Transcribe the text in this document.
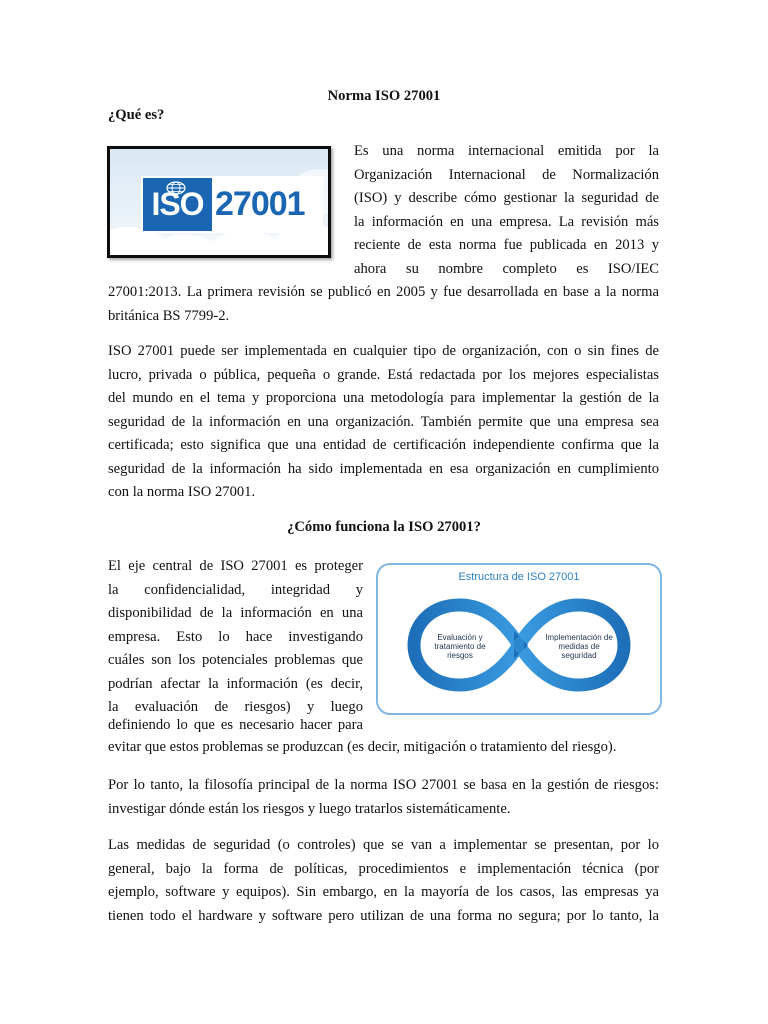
Norma ISO 27001

¿Qué es?

ISO 27001

Es una norma internacional emitida por la

Organización Internacional de Normalización

(ISO) y describe cómo gestionar la seguridad de

la información en una empresa. La revisión más

reciente de esta norma fue publicada en 2013 y

ahora su nombre completo es ISO/IEC

27001:2013. La primera revisión se publicó en 2005 y fue desarrollada en base a la norma

británica BS 7799-2.

ISO 27001 puede ser implementada en cualquier tipo de organización, con o sin fines de

lucro, privada o pública, pequeña o grande. Está redactada por los mejores especialistas

del mundo en el tema y proporciona una metodología para implementar la gestión de la

seguridad de la información en una organización. También permite que una empresa sea

certificada; esto significa que una entidad de certificación independiente confirma que la

seguridad de la información ha sido implementada en esa organización en cumplimiento

con la norma ISO 27001.

¿Cómo funciona la ISO 27001?

El eje central de ISO 27001 es proteger

la confidencialidad, integridad y

disponibilidad de la información en una

empresa. Esto lo hace investigando

cuáles son los potenciales problemas que

podrían afectar la información (es decir,

la evaluación de riesgos) y luego

definiendo lo que es necesario hacer para

evitar que estos problemas se produzcan (es decir, mitigación o tratamiento del riesgo).

Estructura de ISO 27001
Evaluación y tratamiento de riesgos
Implementación de medidas de seguridad

Por lo tanto, la filosofía principal de la norma ISO 27001 se basa en la gestión de riesgos:

investigar dónde están los riesgos y luego tratarlos sistemáticamente.

Las medidas de seguridad (o controles) que se van a implementar se presentan, por lo

general, bajo la forma de políticas, procedimientos e implementación técnica (por

ejemplo, software y equipos). Sin embargo, en la mayoría de los casos, las empresas ya

tienen todo el hardware y software pero utilizan de una forma no segura; por lo tanto, la
